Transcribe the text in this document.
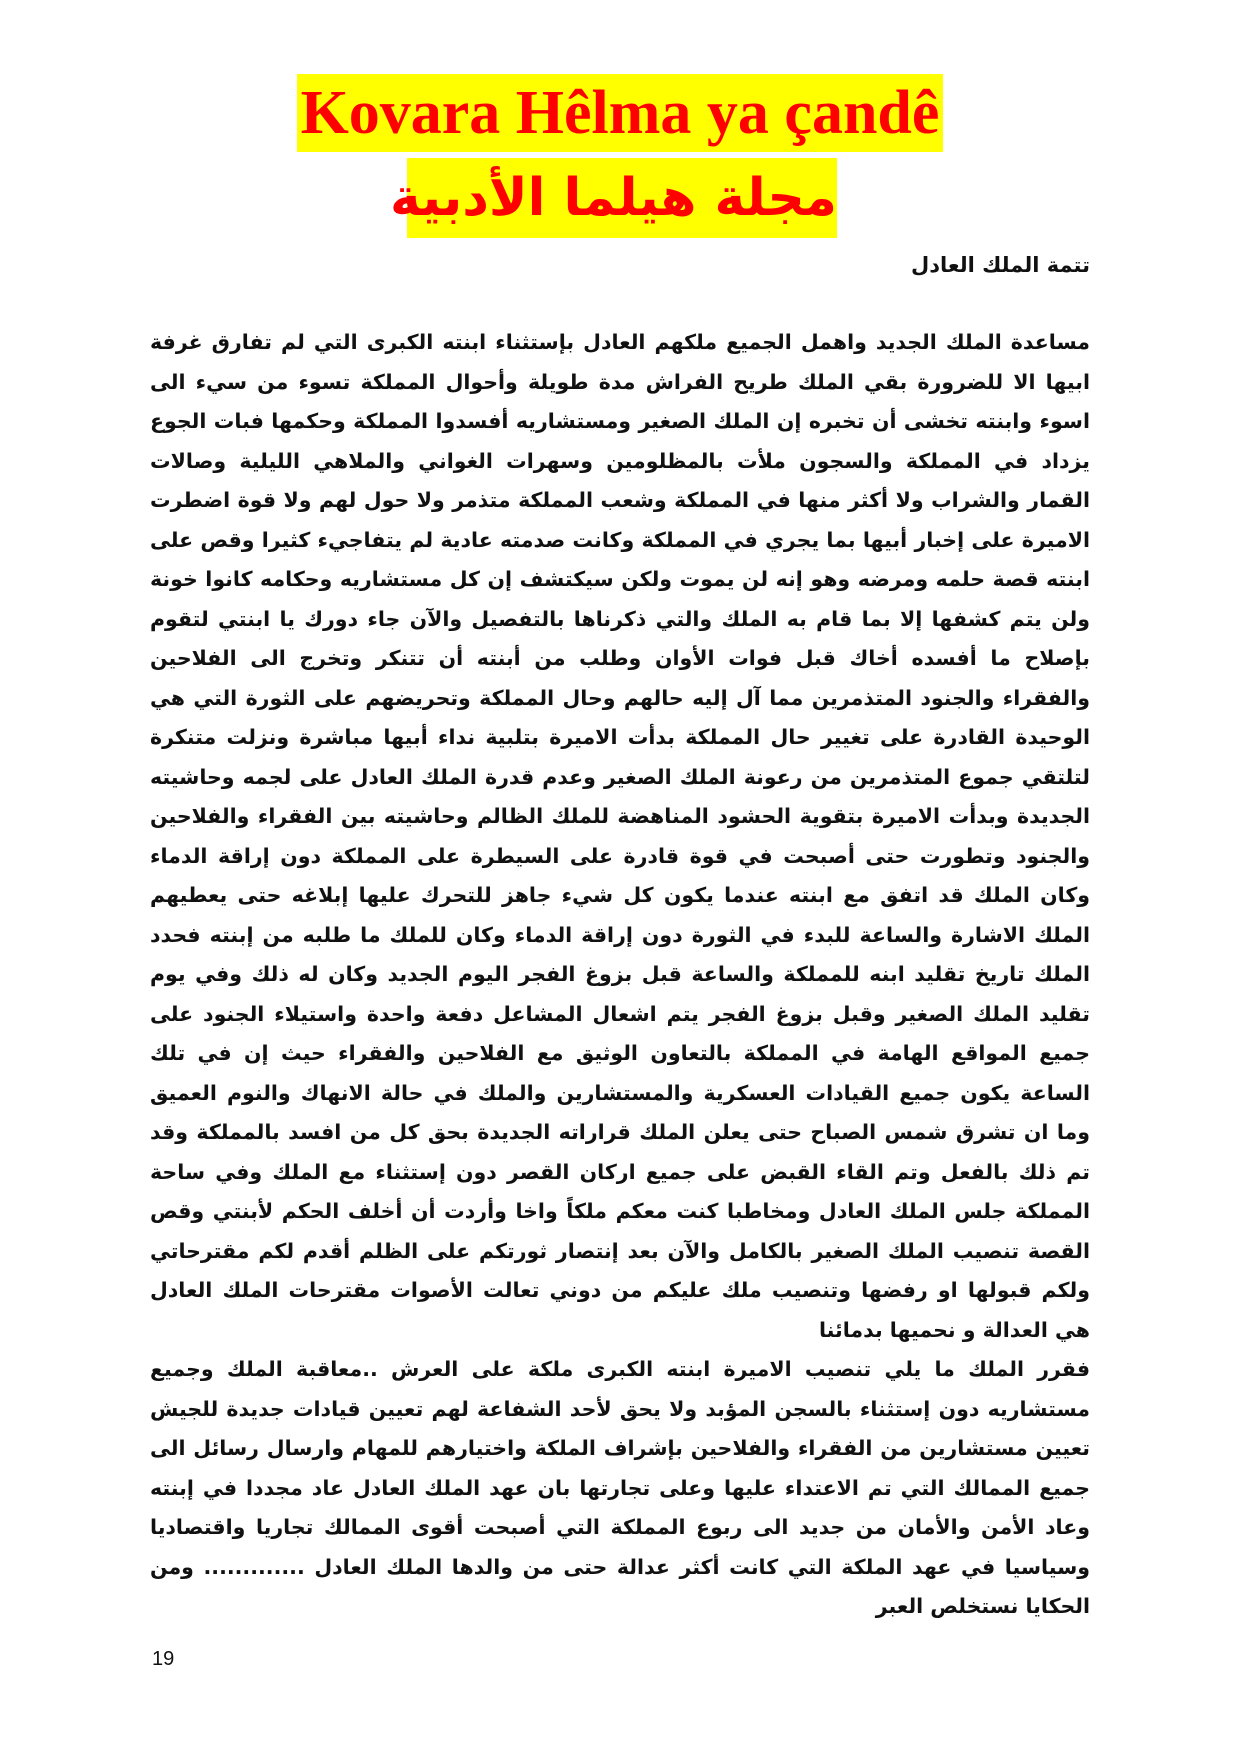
Kovara Hêlma ya çandê
مجلة هيلما الأدبية
تتمة الملك العادل

مساعدة الملك الجديد واهمل الجميع ملكهم العادل بإستثناء ابنته الكبرى التي لم تفارق غرفة ابيها الا للضرورة بقي الملك طريح الفراش مدة طويلة وأحوال المملكة تسوء من سيء الى اسوء وابنته تخشى أن تخبره إن الملك الصغير ومستشاريه أفسدوا المملكة وحكمها فبات الجوع يزداد في المملكة والسجون ملأت بالمظلومين وسهرات الغواني والملاهي الليلية وصالات القمار والشراب ولا أكثر منها في المملكة وشعب المملكة متذمر ولا حول لهم ولا قوة اضطرت الاميرة على إخبار أبيها بما يجري في المملكة وكانت صدمته عادية لم يتفاجيء كثيرا وقص على ابنته قصة حلمه ومرضه وهو إنه لن يموت ولكن سيكتشف إن كل مستشاريه وحكامه كانوا خونة ولن يتم كشفها إلا بما قام به الملك والتي ذكرناها بالتفصيل والآن جاء دورك يا ابنتي لتقوم بإصلاح ما أفسده أخاك قبل فوات الأوان وطلب من أبنته أن تتنكر وتخرج الى الفلاحين والفقراء والجنود المتذمرين مما آل إليه حالهم وحال المملكة وتحريضهم على الثورة التي هي الوحيدة القادرة على تغيير حال المملكة بدأت الاميرة بتلبية نداء أبيها مباشرة ونزلت متنكرة لتلتقي جموع المتذمرين من رعونة الملك الصغير وعدم قدرة الملك العادل على لجمه وحاشيته الجديدة وبدأت الاميرة بتقوية الحشود المناهضة للملك الظالم وحاشيته بين الفقراء والفلاحين والجنود وتطورت حتى أصبحت في قوة قادرة على السيطرة على المملكة دون إراقة الدماء وكان الملك قد اتفق مع ابنته عندما يكون كل شيء جاهز للتحرك عليها إبلاغه حتى يعطيهم الملك الاشارة والساعة للبدء في الثورة دون إراقة الدماء وكان للملك ما طلبه من إبنته فحدد الملك تاريخ تقليد ابنه للمملكة والساعة قبل بزوغ الفجر اليوم الجديد وكان له ذلك وفي يوم تقليد الملك الصغير وقبل بزوغ الفجر يتم اشعال المشاعل دفعة واحدة واستيلاء الجنود على جميع المواقع الهامة في المملكة بالتعاون الوثيق مع الفلاحين والفقراء حيث إن في تلك الساعة يكون جميع القيادات العسكرية والمستشارين والملك في حالة الانهاك والنوم العميق وما ان تشرق شمس الصباح حتى يعلن الملك قراراته الجديدة بحق كل من افسد بالمملكة وقد تم ذلك بالفعل وتم القاء القبض على جميع اركان القصر دون إستثناء مع الملك وفي ساحة المملكة جلس الملك العادل ومخاطبا كنت معكم ملكاً واخا وأردت أن أخلف الحكم لأبنتي وقص القصة تنصيب الملك الصغير بالكامل والآن بعد إنتصار ثورتكم على الظلم أقدم لكم مقترحاتي ولكم قبولها او رفضها وتنصيب ملك عليكم من دوني تعالت الأصوات مقترحات الملك العادل هي العدالة و نحميها بدمائنا

فقرر الملك ما يلي تنصيب الاميرة ابنته الكبرى ملكة على العرش ..معاقبة الملك وجميع مستشاريه دون إستثناء بالسجن المؤبد ولا يحق لأحد الشفاعة لهم تعيين قيادات جديدة للجيش تعيين مستشارين من الفقراء والفلاحين بإشراف الملكة واختيارهم للمهام وارسال رسائل الى جميع الممالك التي تم الاعتداء عليها وعلى تجارتها بان عهد الملك العادل عاد مجددا في إبنته وعاد الأمن والأمان من جديد الى ربوع المملكة التي أصبحت أقوى الممالك تجاريا واقتصاديا وسياسيا في عهد الملكة التي كانت أكثر عدالة حتى من والدها الملك العادل ............. ومن الحكايا نستخلص العبر

19
